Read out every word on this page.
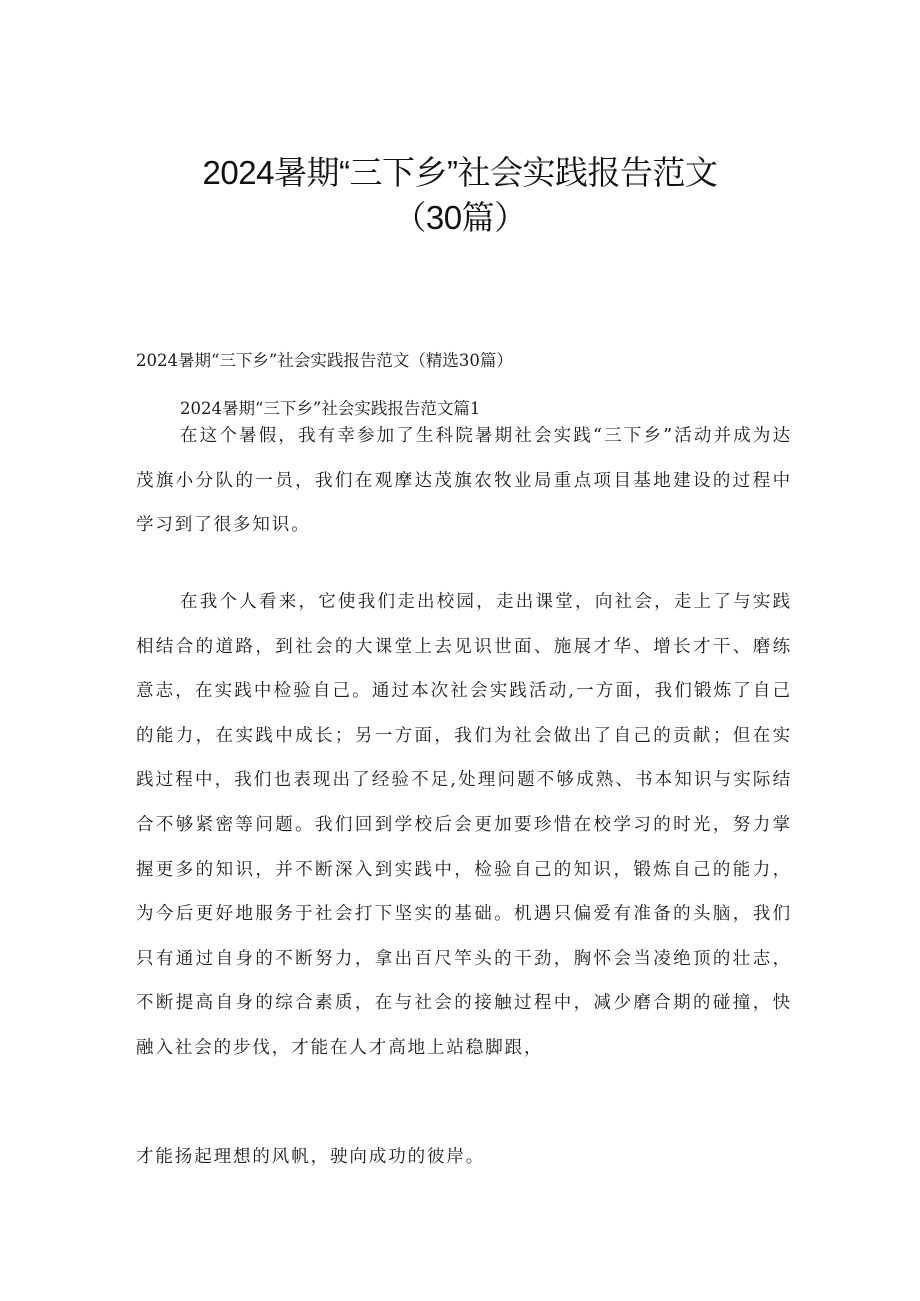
2024暑期“三下乡”社会实践报告范文
（30篇）
2024暑期“三下乡”社会实践报告范文（精选30篇）
2024暑期“三下乡”社会实践报告范文篇1

在这个暑假，我有幸参加了生科院暑期社会实践“三下乡”活动并成为达茂旗小分队的一员，我们在观摩达茂旗农牧业局重点项目基地建设的过程中学习到了很多知识。

在我个人看来，它使我们走出校园，走出课堂，向社会，走上了与实践相结合的道路，到社会的大课堂上去见识世面、施展才华、增长才干、磨练意志，在实践中检验自己。通过本次社会实践活动,一方面，我们锻炼了自己的能力，在实践中成长；另一方面，我们为社会做出了自己的贡献；但在实践过程中，我们也表现出了经验不足,处理问题不够成熟、书本知识与实际结合不够紧密等问题。我们回到学校后会更加要珍惜在校学习的时光，努力掌握更多的知识，并不断深入到实践中，检验自己的知识，锻炼自己的能力，为今后更好地服务于社会打下坚实的基础。机遇只偏爱有准备的头脑，我们只有通过自身的不断努力，拿出百尺竿头的干劲，胸怀会当凌绝顶的壮志，不断提高自身的综合素质，在与社会的接触过程中，减少磨合期的碰撞，快融入社会的步伐，才能在人才高地上站稳脚跟，

才能扬起理想的风帆，驶向成功的彼岸。
